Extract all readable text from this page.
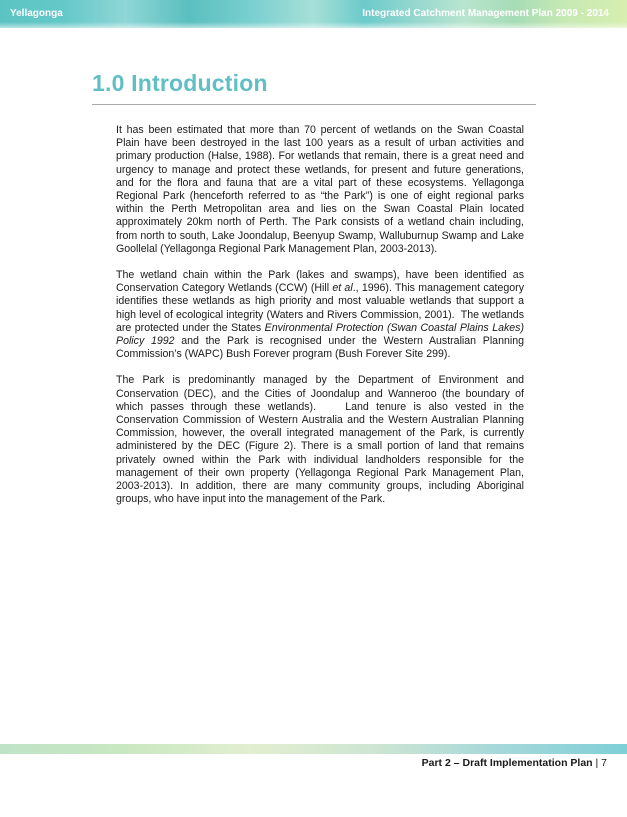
Yellagonga	Integrated Catchment Management Plan 2009 - 2014
1.0 Introduction

It has been estimated that more than 70 percent of wetlands on the Swan Coastal Plain have been destroyed in the last 100 years as a result of urban activities and primary production (Halse, 1988). For wetlands that remain, there is a great need and urgency to manage and protect these wetlands, for present and future generations, and for the flora and fauna that are a vital part of these ecosystems. Yellagonga Regional Park (henceforth referred to as “the Park”) is one of eight regional parks within the Perth Metropolitan area and lies on the Swan Coastal Plain located approximately 20km north of Perth. The Park consists of a wetland chain including, from north to south, Lake Joondalup, Beenyup Swamp, Walluburnup Swamp and Lake Goollelal (Yellagonga Regional Park Management Plan, 2003-2013).

The wetland chain within the Park (lakes and swamps), have been identified as Conservation Category Wetlands (CCW) (Hill et al., 1996). This management category identifies these wetlands as high priority and most valuable wetlands that support a high level of ecological integrity (Waters and Rivers Commission, 2001).  The wetlands are protected under the States Environmental Protection (Swan Coastal Plains Lakes) Policy 1992 and the Park is recognised under the Western Australian Planning Commission’s (WAPC) Bush Forever program (Bush Forever Site 299).

The Park is predominantly managed by the Department of Environment and Conservation (DEC), and the Cities of Joondalup and Wanneroo (the boundary of which passes through these wetlands).    Land tenure is also vested in the Conservation Commission of Western Australia and the Western Australian Planning Commission, however, the overall integrated management of the Park, is currently administered by the DEC (Figure 2). There is a small portion of land that remains privately owned within the Park with individual landholders responsible for the management of their own property (Yellagonga Regional Park Management Plan, 2003-2013). In addition, there are many community groups, including Aboriginal groups, who have input into the management of the Park.

Part 2 – Draft Implementation Plan | 7
